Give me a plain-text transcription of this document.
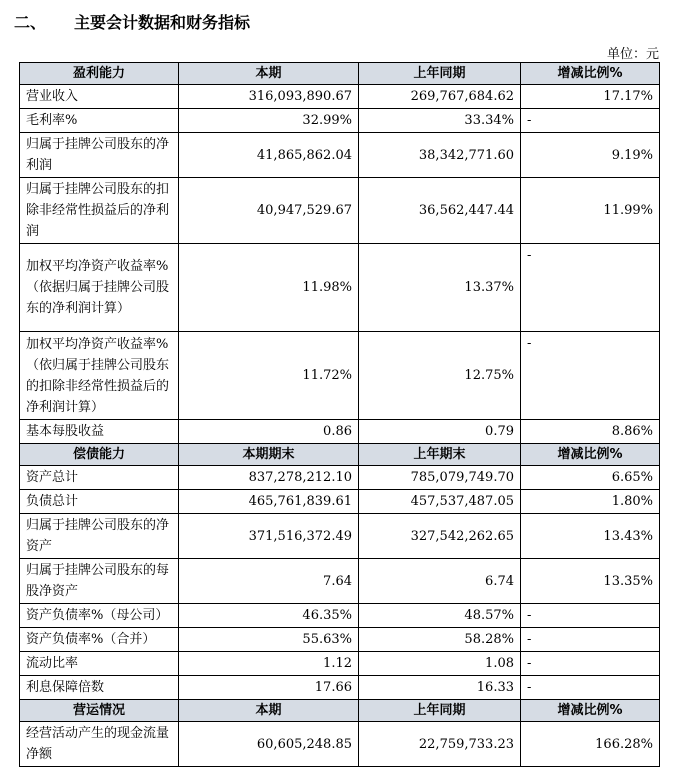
二、 主要会计数据和财务指标
单位：元
盈利能力	本期	上年同期	增减比例%
营业收入	316,093,890.67	269,767,684.62	17.17%
毛利率%	32.99%	33.34%	-
归属于挂牌公司股东的净利润	41,865,862.04	38,342,771.60	9.19%
归属于挂牌公司股东的扣除非经常性损益后的净利润	40,947,529.67	36,562,447.44	11.99%
加权平均净资产收益率%（依据归属于挂牌公司股东的净利润计算）	11.98%	13.37%	-
加权平均净资产收益率%（依归属于挂牌公司股东的扣除非经常性损益后的净利润计算）	11.72%	12.75%	-
基本每股收益	0.86	0.79	8.86%
偿债能力	本期期末	上年期末	增减比例%
资产总计	837,278,212.10	785,079,749.70	6.65%
负债总计	465,761,839.61	457,537,487.05	1.80%
归属于挂牌公司股东的净资产	371,516,372.49	327,542,262.65	13.43%
归属于挂牌公司股东的每股净资产	7.64	6.74	13.35%
资产负债率%（母公司）	46.35%	48.57%	-
资产负债率%（合并）	55.63%	58.28%	-
流动比率	1.12	1.08	-
利息保障倍数	17.66	16.33	-
营运情况	本期	上年同期	增减比例%
经营活动产生的现金流量净额	60,605,248.85	22,759,733.23	166.28%
